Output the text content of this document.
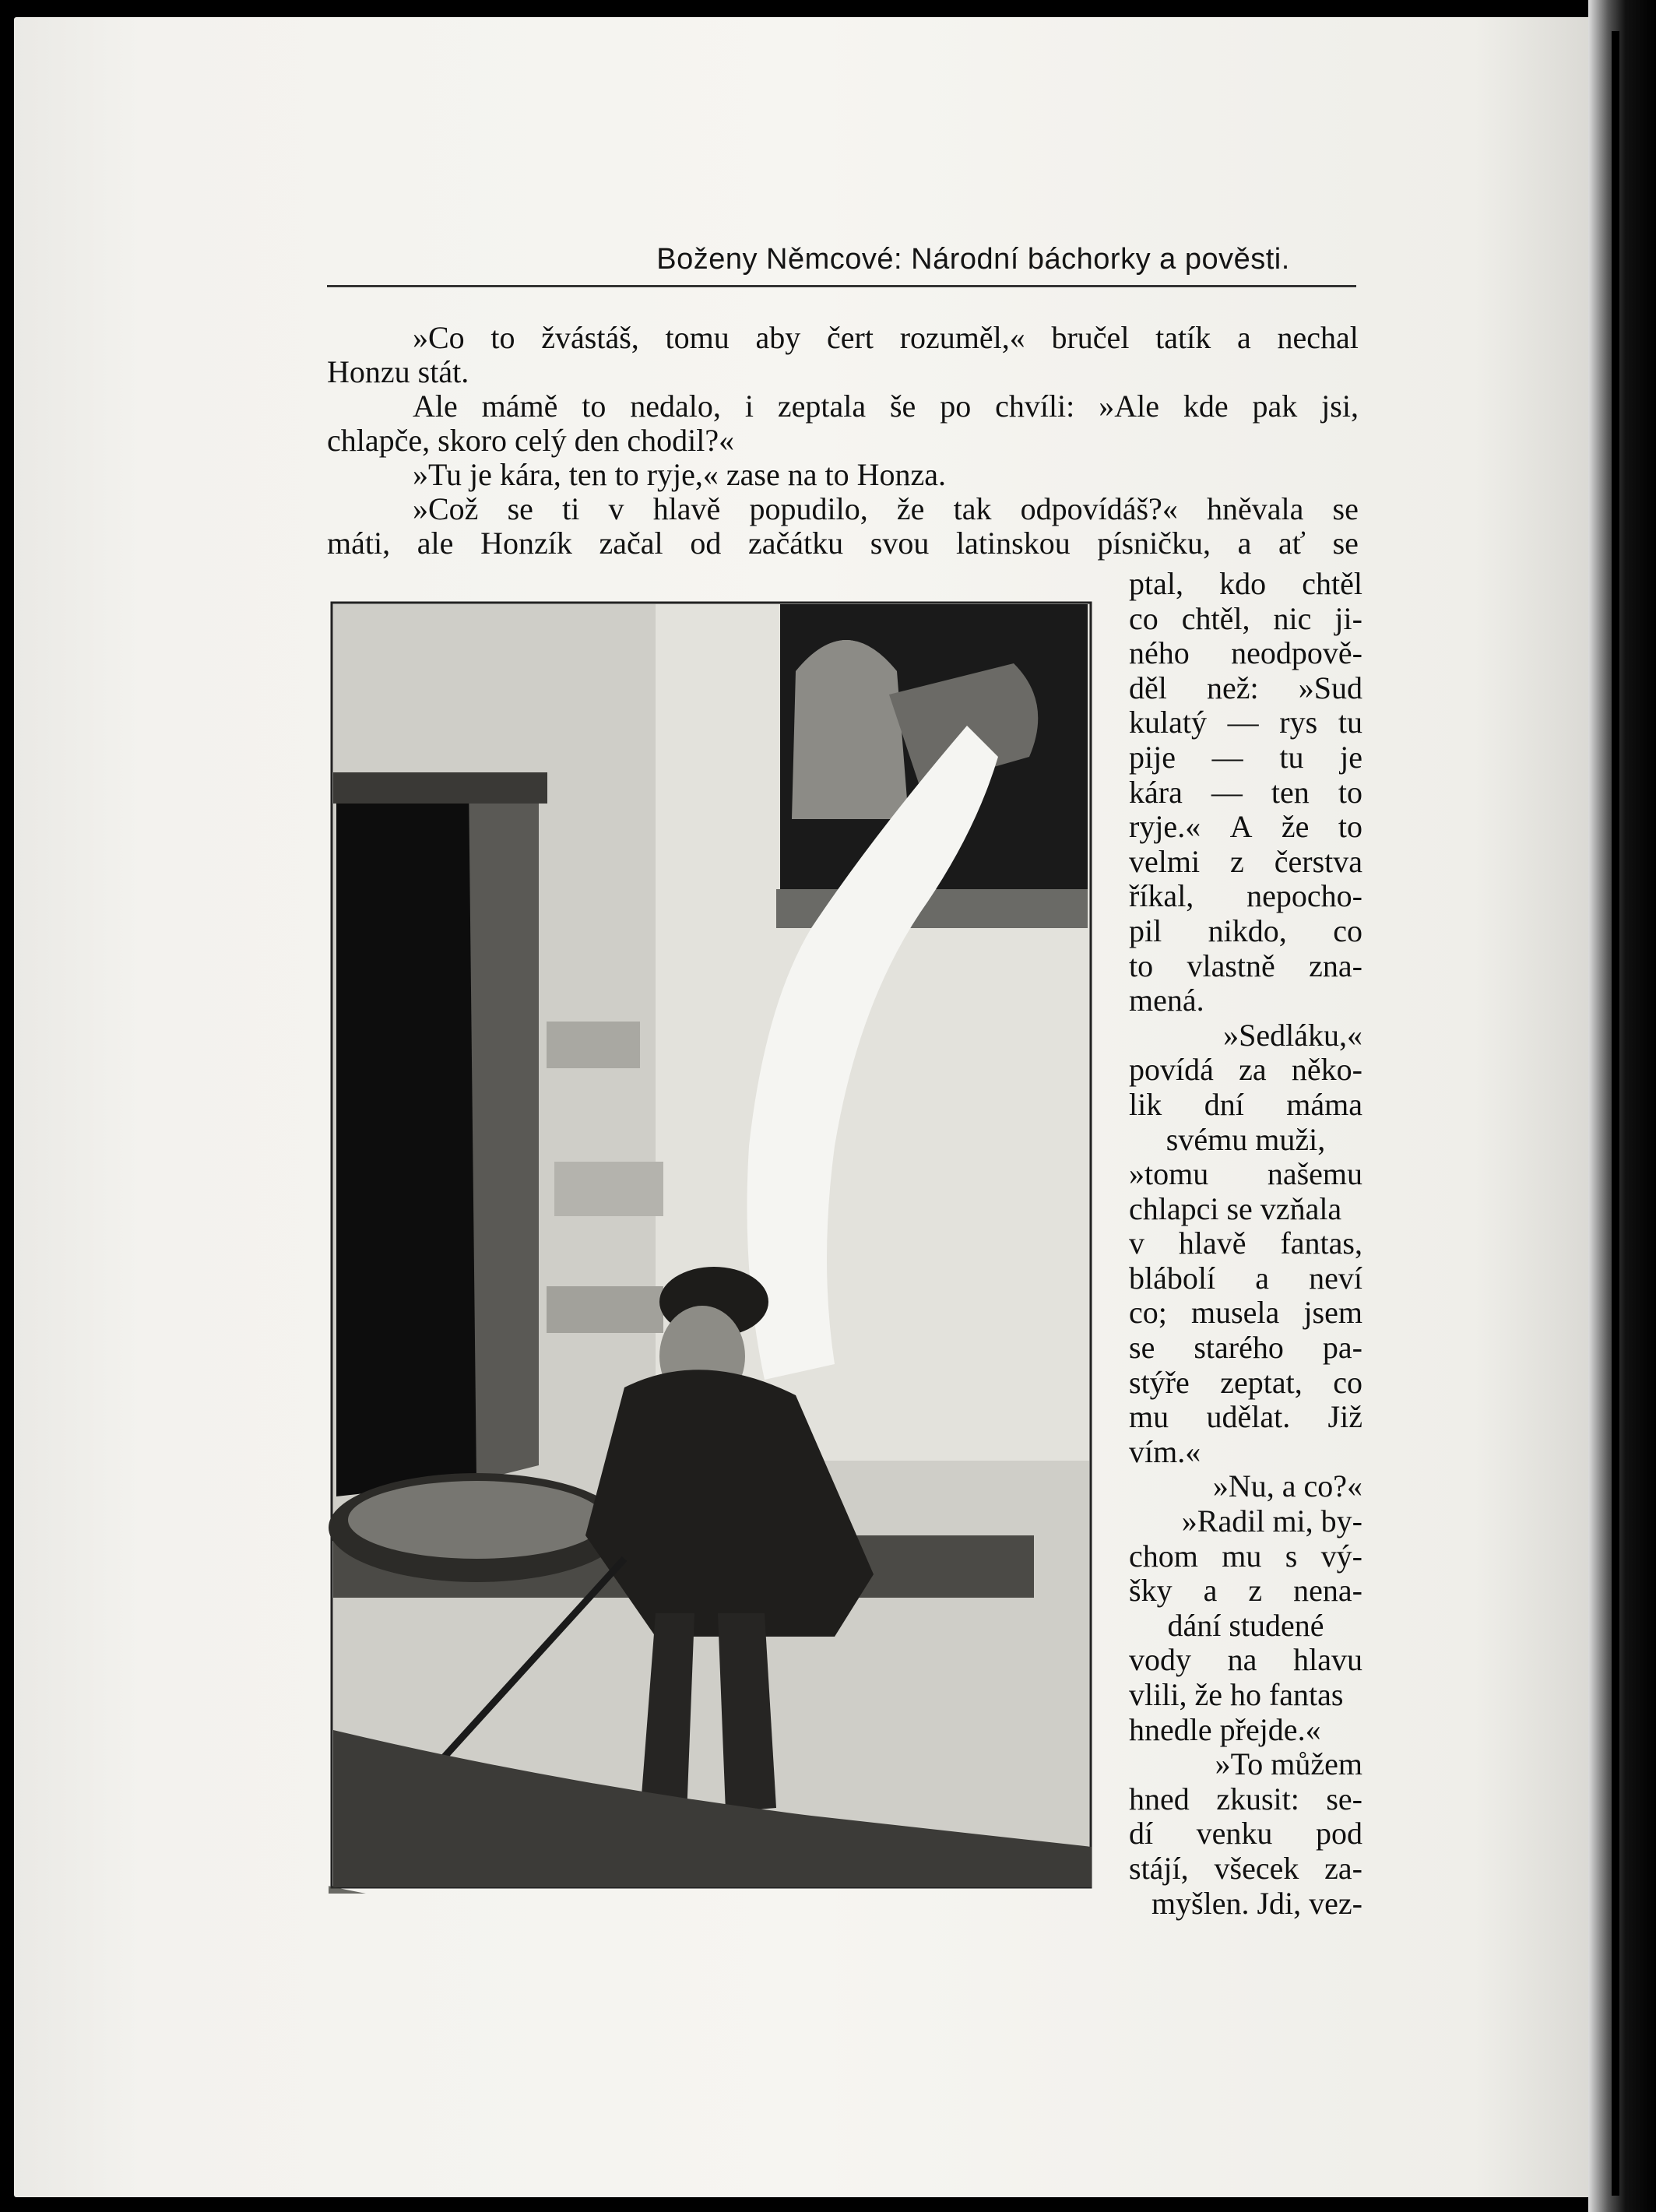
Boženy Němcové: Národní báchorky a pověsti.
»Co to žvástáš, tomu aby čert rozuměl,« bručel tatík a nechal
Honzu stát.
Ale mámě to nedalo, i zeptala še po chvíli: »Ale kde pak jsi,
chlapče, skoro celý den chodil?«
»Tu je kára, ten to ryje,« zase na to Honza.
»Což se ti v hlavě popudilo, že tak odpovídáš?« hněvala se
máti, ale Honzík začal od začátku svou latinskou písničku, a ať se
ptal, kdo chtěl
co chtěl, nic ji-
ného neodpově-
děl než: »Sud
kulatý — rys tu
pije — tu je
kára — ten to
ryje.« A že to
velmi z čerstva
říkal, nepocho-
pil nikdo, co
to vlastně zna-
mená.
»Sedláku,«
povídá za něko-
lik dní máma
svému muži,
»tomu našemu
chlapci se vzňala
v hlavě fantas,
blábolí a neví
co; musela jsem
se starého pa-
stýře zeptat, co
mu udělat. Již
vím.«
»Nu, a co?«
»Radil mi, by-
chom mu s vý-
šky a z nena-
dání studené
vody na hlavu
vlili, že ho fantas
hnedle přejde.«
»To můžem
hned zkusit: se-
dí venku pod
stájí, všecek za-
myšlen. Jdi, vez-
